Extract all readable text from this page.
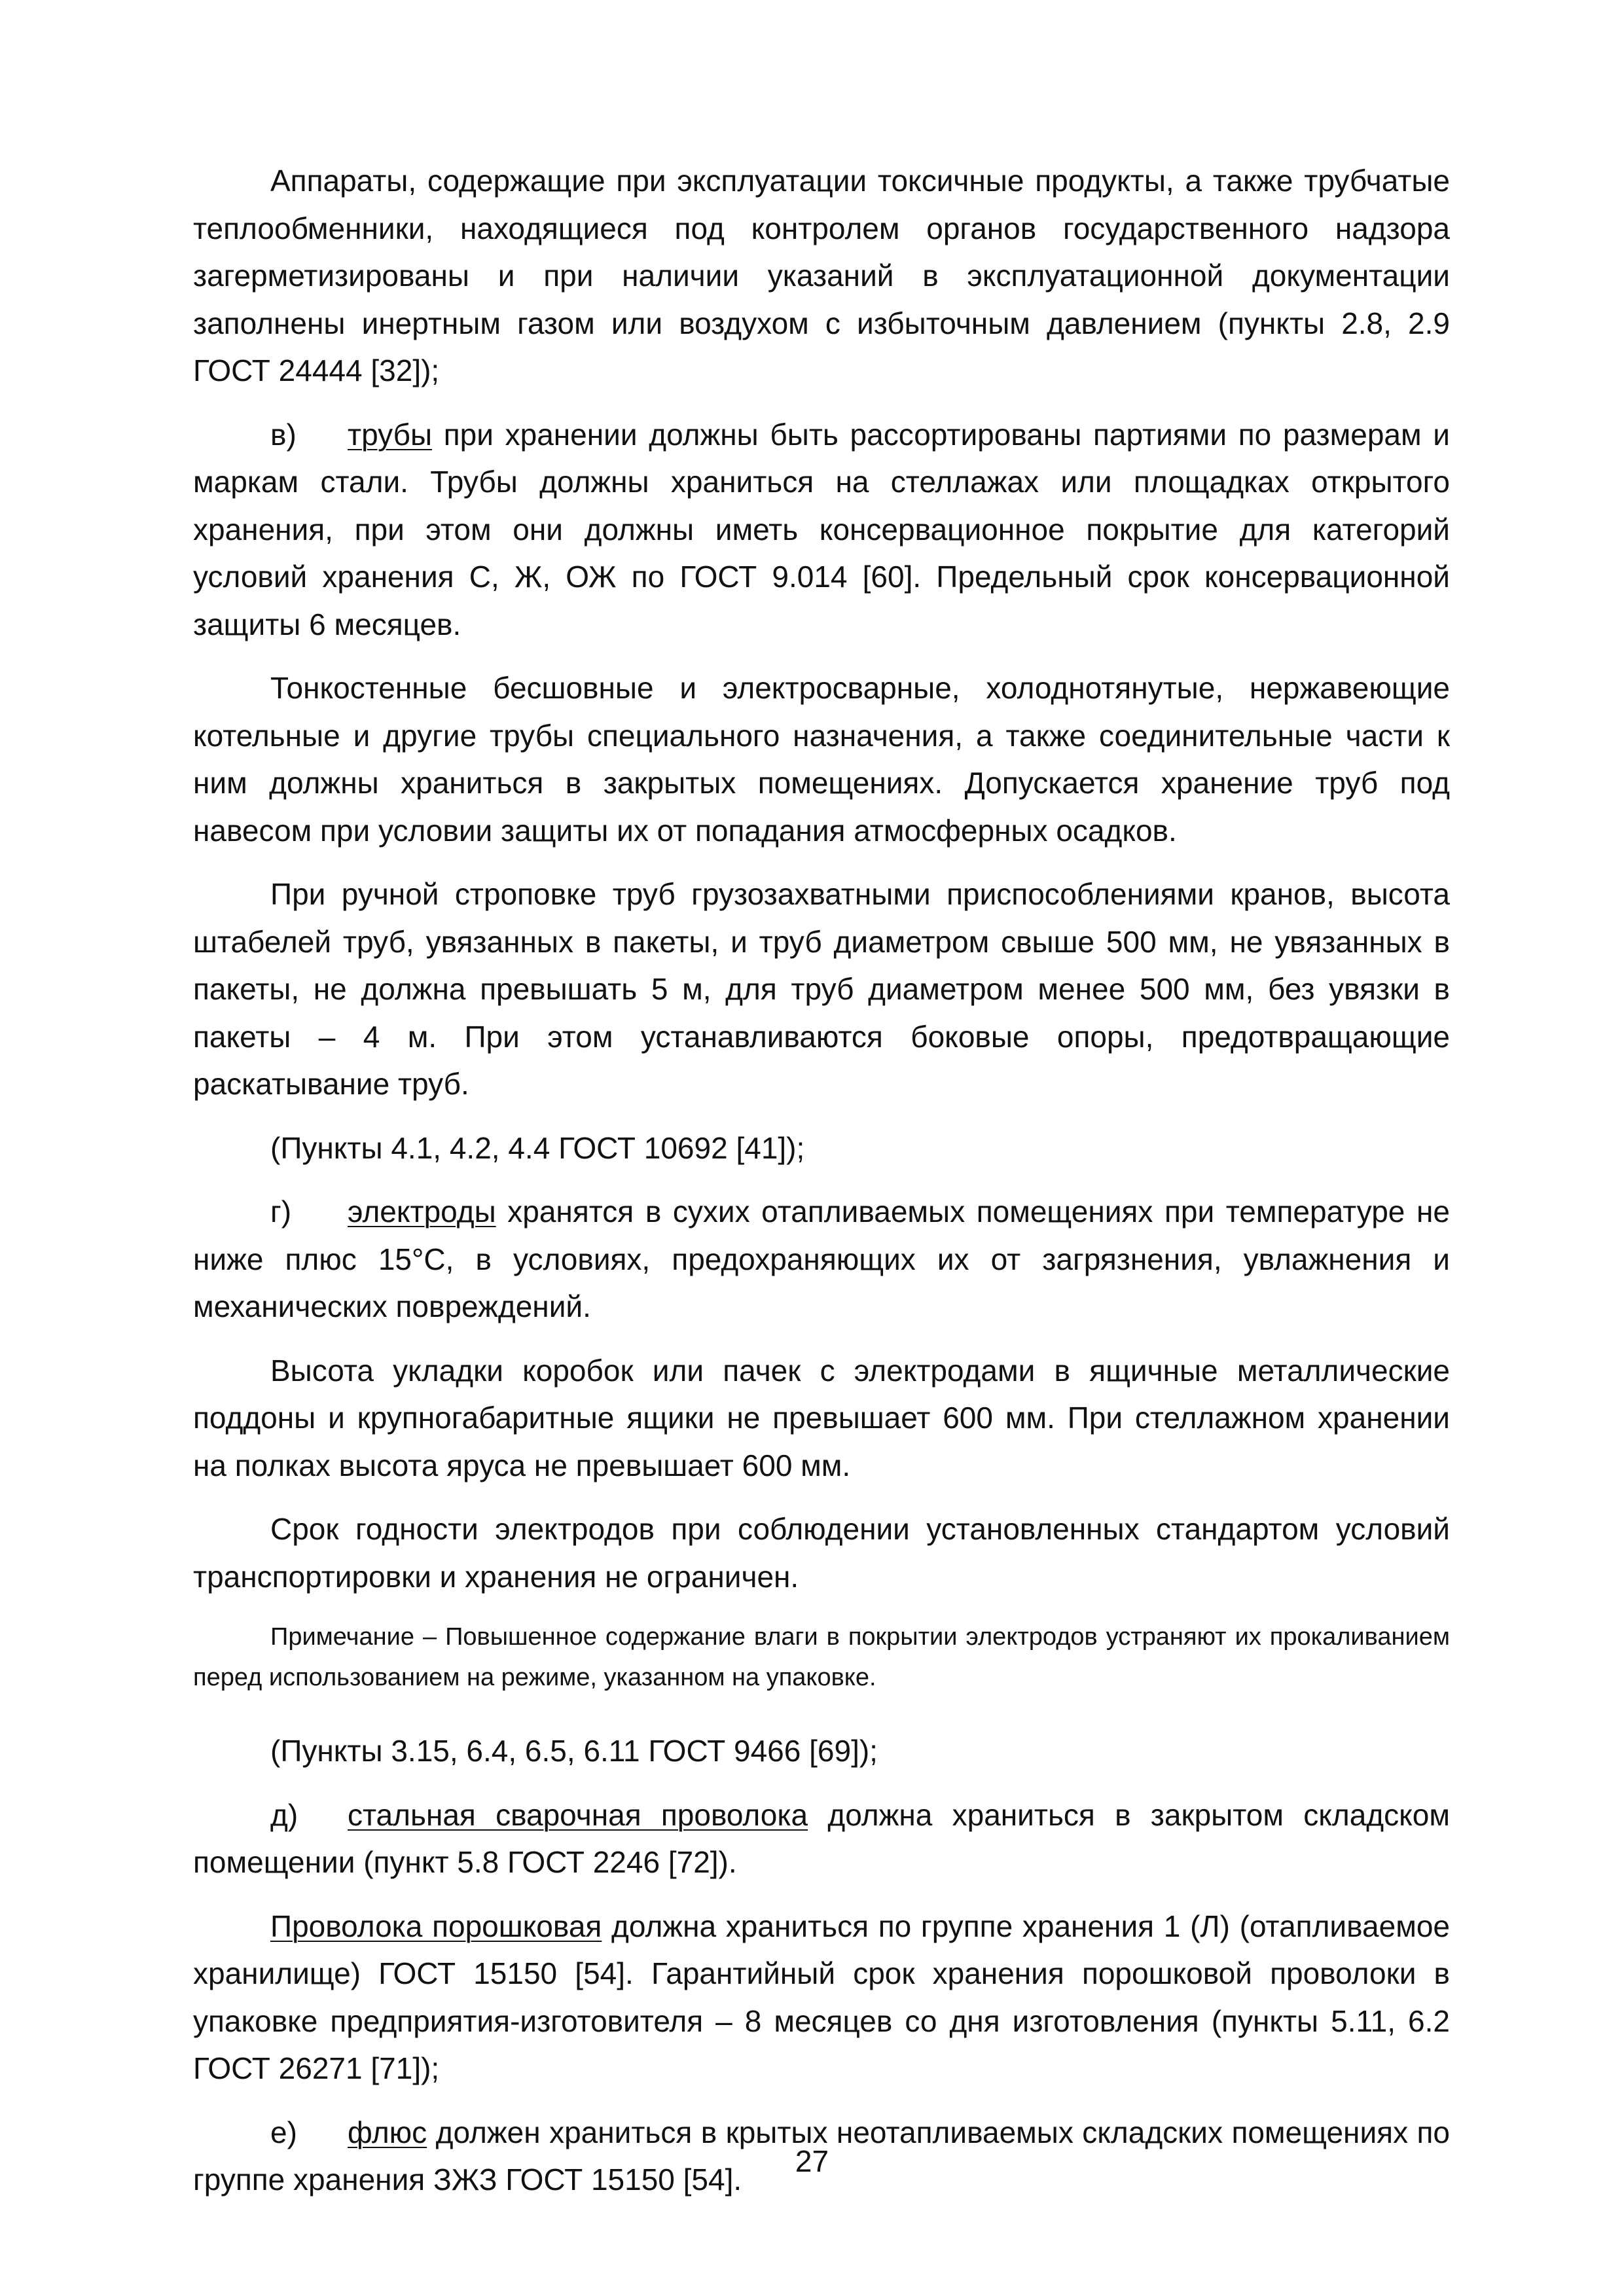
Аппараты, содержащие при эксплуатации токсичные продукты, а также трубчатые теплообменники, находящиеся под контролем органов государственного надзора загерметизированы и при наличии указаний в эксплуатационной документации заполнены инертным газом или воздухом с избыточным давлением (пункты 2.8, 2.9 ГОСТ 24444 [32]);

в) трубы при хранении должны быть рассортированы партиями по размерам и маркам стали. Трубы должны храниться на стеллажах или площадках открытого хранения, при этом они должны иметь консервационное покрытие для категорий условий хранения С, Ж, ОЖ по ГОСТ 9.014 [60]. Предельный срок консервационной защиты 6 месяцев.

Тонкостенные бесшовные и электросварные, холоднотянутые, нержавеющие котельные и другие трубы специального назначения, а также соединительные части к ним должны храниться в закрытых помещениях. Допускается хранение труб под навесом при условии защиты их от попадания атмосферных осадков.

При ручной строповке труб грузозахватными приспособлениями кранов, высота штабелей труб, увязанных в пакеты, и труб диаметром свыше 500 мм, не увязанных в пакеты, не должна превышать 5 м, для труб диаметром менее 500 мм, без увязки в пакеты – 4 м. При этом устанавливаются боковые опоры, предотвращающие раскатывание труб.

(Пункты 4.1, 4.2, 4.4 ГОСТ 10692 [41]);

г) электроды хранятся в сухих отапливаемых помещениях при температуре не ниже плюс 15°С, в условиях, предохраняющих их от загрязнения, увлажнения и механических повреждений.

Высота укладки коробок или пачек с электродами в ящичные металлические поддоны и крупногабаритные ящики не превышает 600 мм. При стеллажном хранении на полках высота яруса не превышает 600 мм.

Срок годности электродов при соблюдении установленных стандартом условий транспортировки и хранения не ограничен.

Примечание – Повышенное содержание влаги в покрытии электродов устраняют их прокаливанием перед использованием на режиме, указанном на упаковке.

(Пункты 3.15, 6.4, 6.5, 6.11 ГОСТ 9466 [69]);

д) стальная сварочная проволока должна храниться в закрытом складском помещении (пункт 5.8 ГОСТ 2246 [72]).

Проволока порошковая должна храниться по группе хранения 1 (Л) (отапливаемое хранилище) ГОСТ 15150 [54]. Гарантийный срок хранения порошковой проволоки в упаковке предприятия-изготовителя – 8 месяцев со дня изготовления (пункты 5.11, 6.2 ГОСТ 26271 [71]);

е) флюс должен храниться в крытых неотапливаемых складских помещениях по группе хранения ЗЖЗ ГОСТ 15150 [54].

27
